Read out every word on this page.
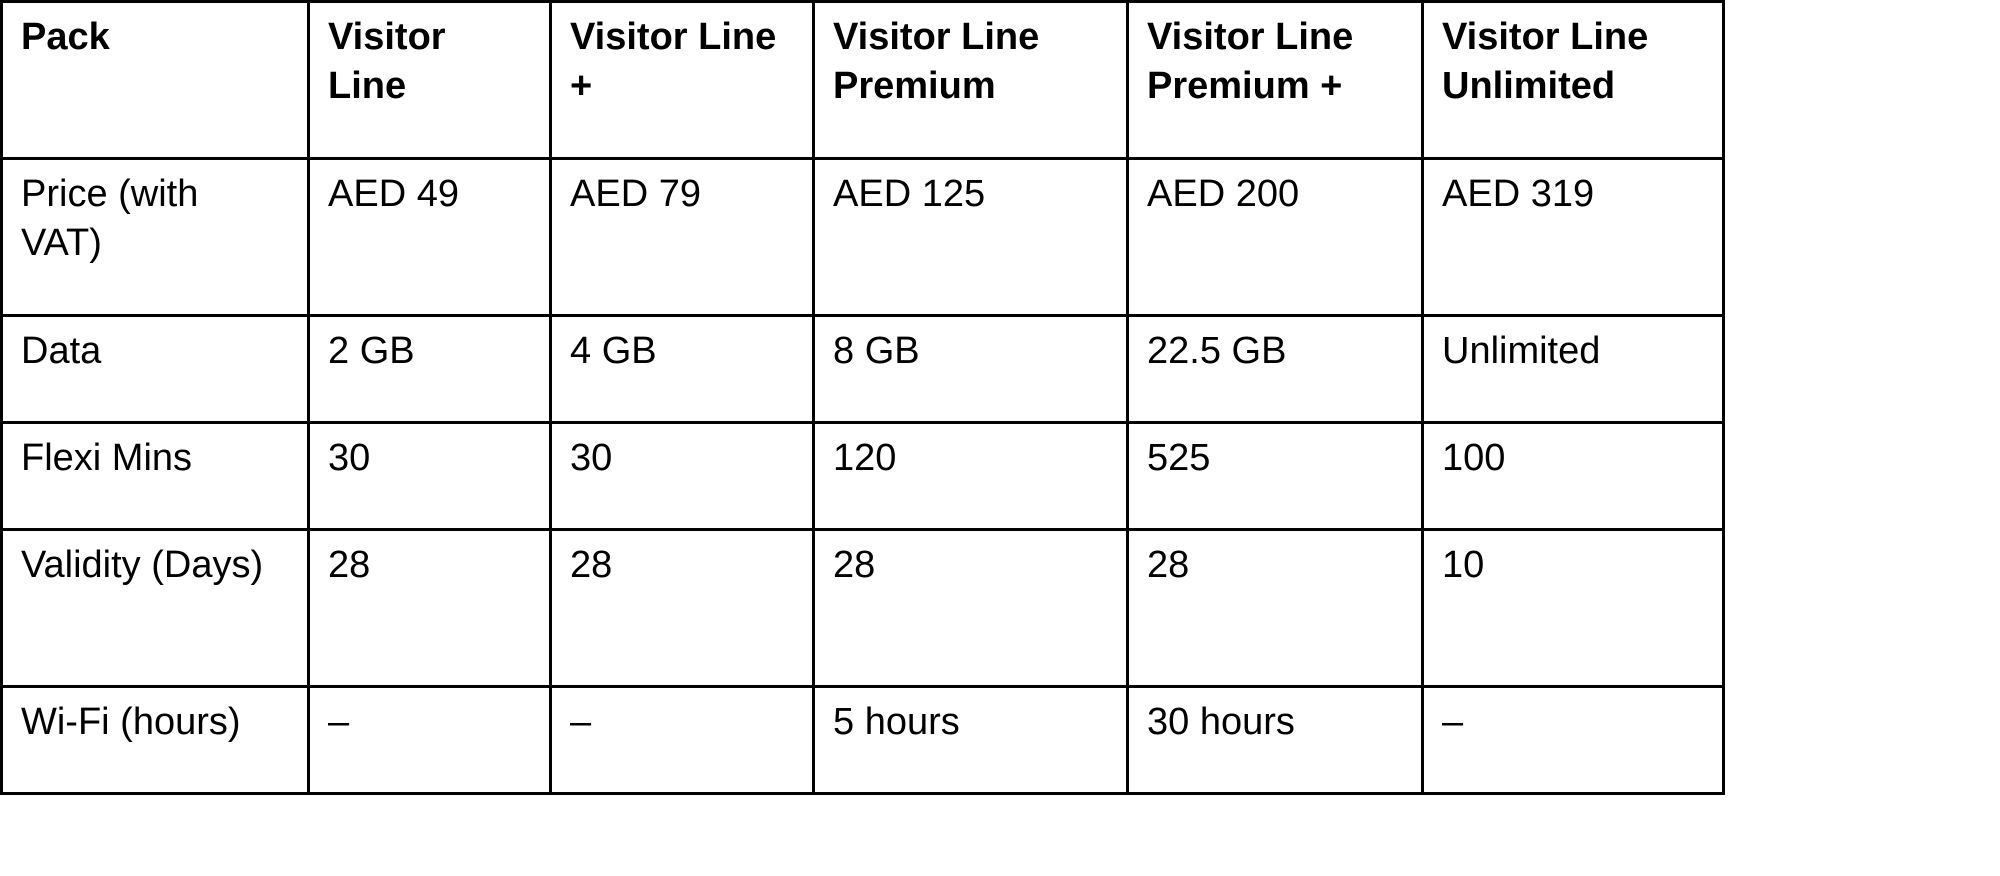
Pack	Visitor Line	Visitor Line +	Visitor Line Premium	Visitor Line Premium +	Visitor Line Unlimited
Price (with VAT)	AED 49	AED 79	AED 125	AED 200	AED 319
Data	2 GB	4 GB	8 GB	22.5 GB	Unlimited
Flexi Mins	30	30	120	525	100
Validity (Days)	28	28	28	28	10
Wi-Fi (hours)	–	–	5 hours	30 hours	–
